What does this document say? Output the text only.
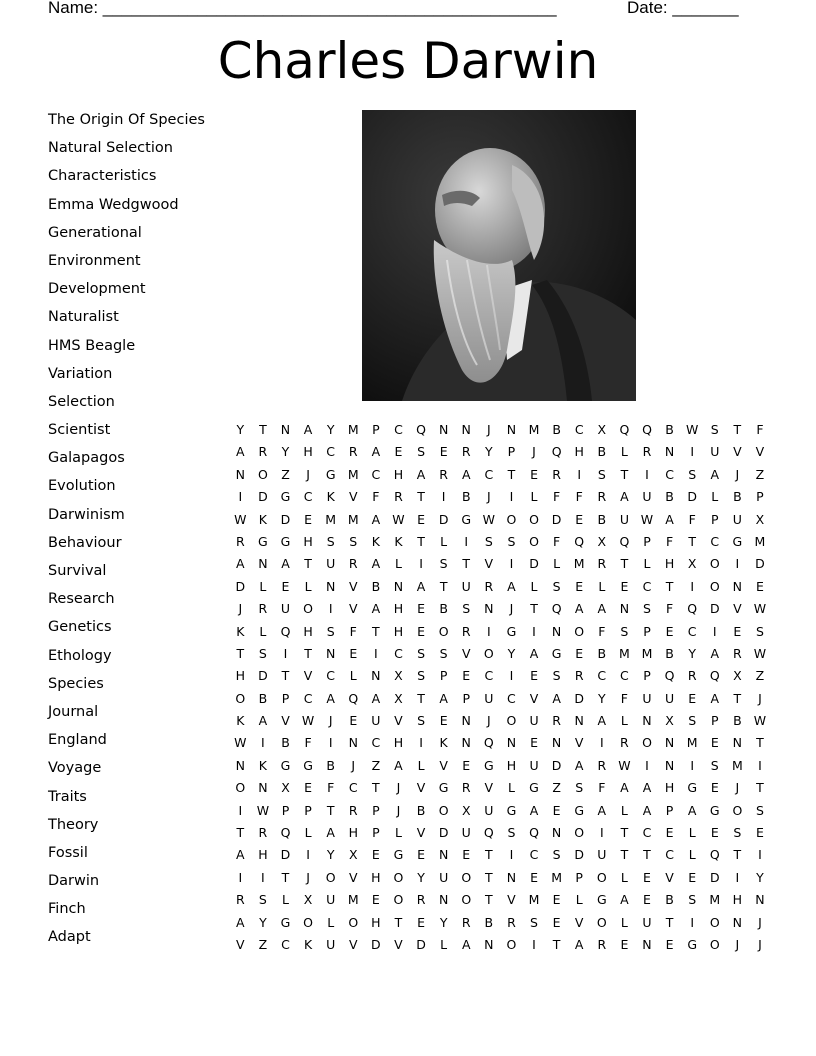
Name: ________________________________________________	Date: _______
Charles Darwin
The Origin Of Species
Natural Selection
Characteristics
Emma Wedgwood
Generational
Environment
Development
Naturalist
HMS Beagle
Variation
Selection
Scientist
Galapagos
Evolution
Darwinism
Behaviour
Survival
Research
Genetics
Ethology
Species
Journal
England
Voyage
Traits
Theory
Fossil
Darwin
Finch
Adapt
Y	T	N	A	Y	M	P	C	Q	N	N	J	N	M	B	C	X	Q	Q	B W S	T	F
A	R	Y	H	C	R	A	E	S	E	R	Y	P	J	Q	H	B	L	R	N	I	U	V	V
N	O	Z	J	G M	C	H	A	R	A	C	T	E	R	I	S	T	I	C	S	A	J	Z
I	D	G	C	K	V	F	R	T	I	B	J	I	L	F	F	R	A	U	B	D	L	B	P
W K	D	E	M M	A W E	D	G W O	O	D	E	B	U W A	F	P	U	X
R	G	G	H	S	S	K	K	T	L	I	S	S	O	F	Q	X	Q	P	F	T	C	G M
A	N	A	T	U	R	A	L	I	S	T	V	I	D	L	M	R	T	L	H	X	O	I	D
D	L	E	L	N	V	B	N	A	T	U	R	A	L	S	E	L	E	C	T	I	O	N	E
J	R	U	O	I	V	A	H	E	B	S	N	J	T	Q	A	A	N	S	F	Q	D	V W
K	L	Q	H	S	F	T	H	E	O	R	I	G	I	N	O	F	S	P	E	C	I	E	S
T	S	I	T	N	E	I	C	S	S	V	O	Y	A	G	E	B	M M	B	Y	A	R W
H	D	T	V	C	L	N	X	S	P	E	C	I	E	S	R	C	C	P	Q	R	Q	X	Z
O	B	P	C	A	Q	A	X	T	A	P	U	C	V	A	D	Y	F	U	U	E	A	T	J
K	A	V W	J	E	U	V	S	E	N	J	O	U	R	N	A	L	N	X	S	P	B W
W	I	B	F	I	N	C	H	I	K	N	Q	N	E	N	V	I	R	O	N	M	E	N	T
N	K	G	G	B	J	Z	A	L	V	E	G	H	U	D	A	R W	I	N	I	S	M	I
O	N	X	E	F	C	T	J	V	G	R	V	L	G	Z	S	F	A	A	H	G	E	J	T
I	W	P	P	T	R	P	J	B	O	X	U	G	A	E	G	A	L	A	P	A	G	O	S
T	R	Q	L	A	H	P	L	V	D	U	Q	S	Q	N	O	I	T	C	E	L	E	S	E
A	H	D	I	Y	X	E	G	E	N	E	T	I	C	S	D	U	T	T	C	L	Q	T	I
I	I	T	J	O	V	H	O	Y	U	O	T	N	E	M	P	O	L	E	V	E	D	I	Y
R	S	L	X	U	M	E	O	R	N	O	T	V	M	E	L	G	A	E	B	S	M	H	N
A	Y	G	O	L	O	H	T	E	Y	R	B	R	S	E	V	O	L	U	T	I	O	N	J
V	Z	C	K	U	V	D	V	D	L	A	N	O	I	T	A	R	E	N	E	G	O	J	J
